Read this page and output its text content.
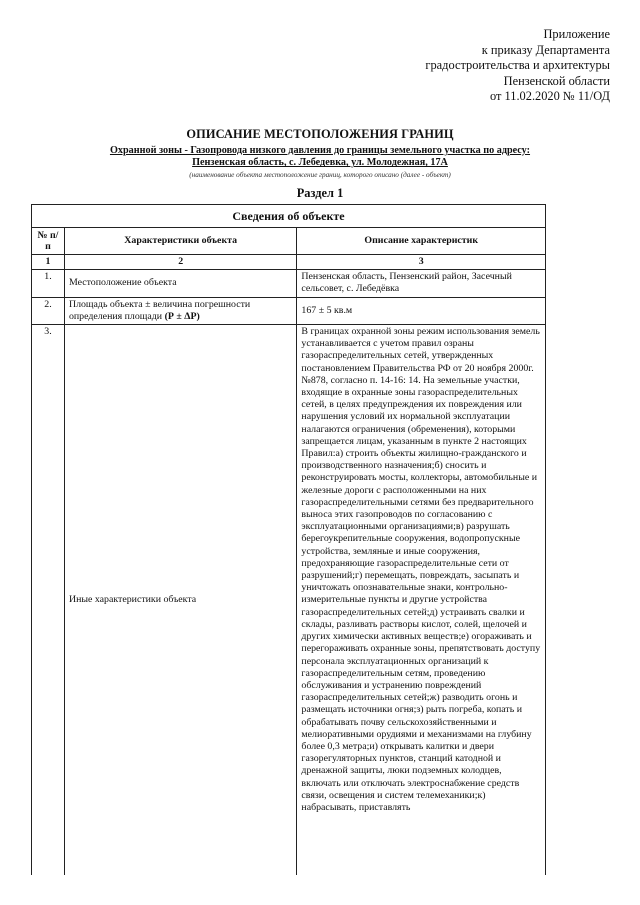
Приложение
к приказу Департамента
градостроительства и архитектуры
Пензенской области
от 11.02.2020 № 11/ОД
ОПИСАНИЕ МЕСТОПОЛОЖЕНИЯ ГРАНИЦ
Охранной зоны - Газопровода низкого давления до границы земельного участка по адресу:
Пензенская область, с. Лебедевка, ул. Молодежная, 17А
(наименование объекта местоположение границ, которого описано (далее - объект)
Раздел 1
Сведения об объекте		
№ п/п	Характеристики объекта	Описание характеристик
1	2	3
1.	Местоположение объекта	Пензенская область, Пензенский район, Засечный сельсовет, с. Лебедёвка
2.	Площадь объекта ± величина погрешности определения площади (Р ± ΔР)	167 ± 5 кв.м
3.	Иные характеристики объекта	В границах охранной зоны режим использования земель устанавливается с учетом правил озраны газораспределительных сетей, утвержденных постановлением Правительства РФ от 20 ноября 2000г. №878, согласно п. 14-16: 14. На земельные участки, входящие в охранные зоны газораспределительных сетей, в целях предупреждения их повреждения или нарушения условий их нормальной эксплуатации налагаются ограничения (обременения), которыми запрещается лицам, указанным в пункте 2 настоящих Правил:а) строить объекты жилищно-гражданского и производственного назначения;б) сносить и реконструировать мосты, коллекторы, автомобильные и железные дороги с расположенными на них газораспределительными сетями без предварительного выноса этих газопроводов по согласованию с эксплуатационными организациями;в) разрушать берегоукрепительные сооружения, водопропускные устройства, земляные и иные сооружения, предохраняющие газораспределительные сети от разрушений;г) перемещать, повреждать, засыпать и уничтожать опознавательные знаки, контрольно-измерительные пункты и другие устройства газораспределительных сетей;д) устраивать свалки и склады, разливать растворы кислот, солей, щелочей и других химически активных веществ;е) огораживать и перегораживать охранные зоны, препятствовать доступу персонала эксплуатационных организаций к газораспределительным сетям, проведению обслуживания и устранению повреждений газораспределительных сетей;ж) разводить огонь и размещать источники огня;з) рыть погреба, копать и обрабатывать почву сельскохозяйственными и мелиоративными орудиями и механизмами на глубину более 0,3 метра;и) открывать калитки и двери газорегуляторных пунктов, станций катодной и дренажной защиты, люки подземных колодцев, включать или отключать электроснабжение средств связи, освещения и систем телемеханики;к) набрасывать, приставлять
